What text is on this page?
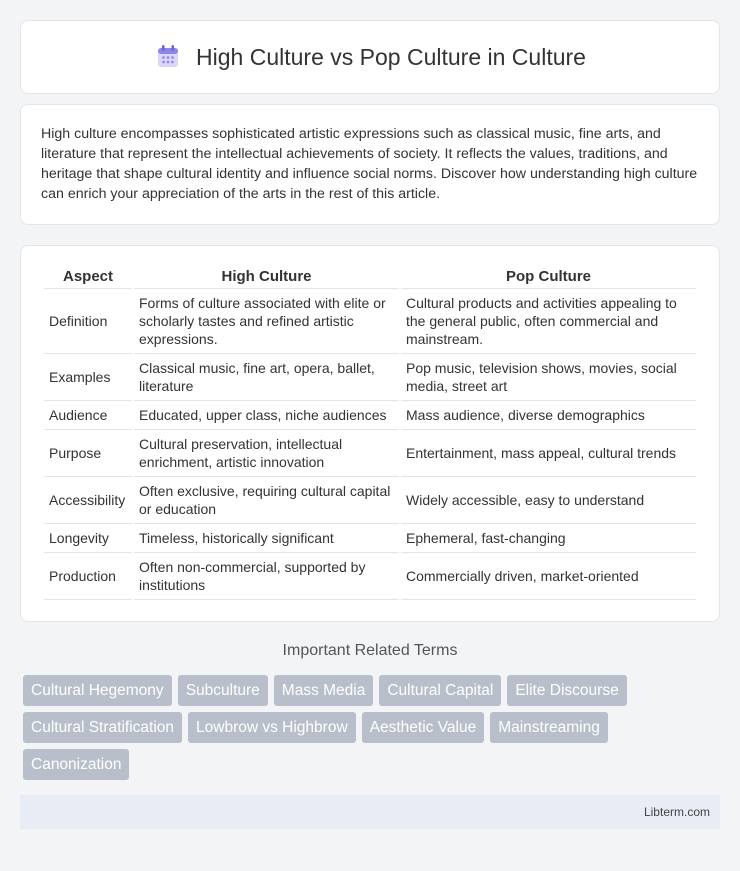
High Culture vs Pop Culture in Culture

High culture encompasses sophisticated artistic expressions such as classical music, fine arts, and literature that represent the intellectual achievements of society. It reflects the values, traditions, and heritage that shape cultural identity and influence social norms. Discover how understanding high culture can enrich your appreciation of the arts in the rest of this article.

Aspect	High Culture	Pop Culture
Definition	Forms of culture associated with elite or scholarly tastes and refined artistic expressions.	Cultural products and activities appealing to the general public, often commercial and mainstream.
Examples	Classical music, fine art, opera, ballet, literature	Pop music, television shows, movies, social media, street art
Audience	Educated, upper class, niche audiences	Mass audience, diverse demographics
Purpose	Cultural preservation, intellectual enrichment, artistic innovation	Entertainment, mass appeal, cultural trends
Accessibility	Often exclusive, requiring cultural capital or education	Widely accessible, easy to understand
Longevity	Timeless, historically significant	Ephemeral, fast-changing
Production	Often non-commercial, supported by institutions	Commercially driven, market-oriented
Important Related Terms
Cultural Hegemony	Subculture	Mass Media	Cultural Capital	Elite Discourse
Cultural Stratification	Lowbrow vs Highbrow	Aesthetic Value	Mainstreaming
Canonization
Libterm.com
